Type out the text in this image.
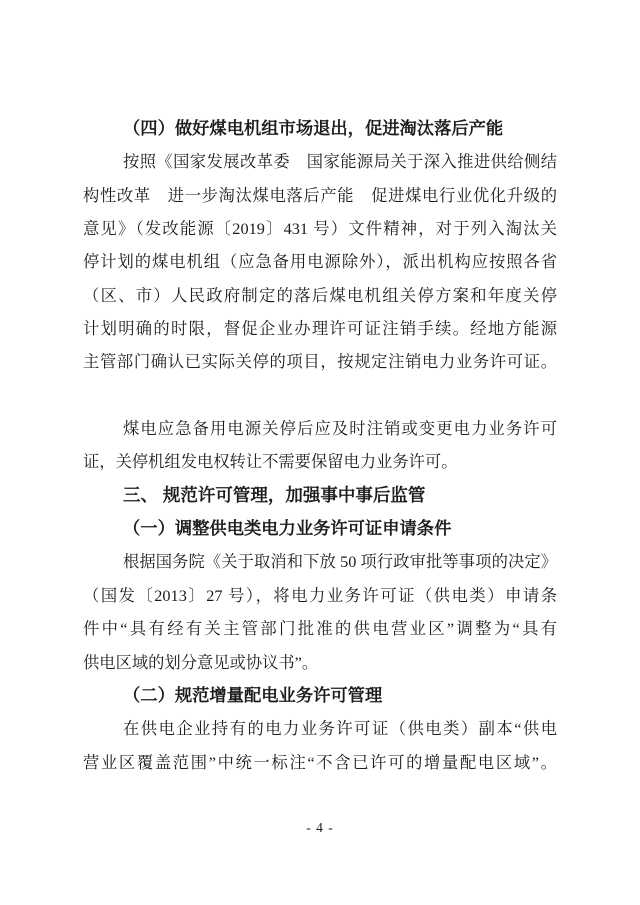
（四）做好煤电机组市场退出，促进淘汰落后产能
按照《国家发展改革委　国家能源局关于深入推进供给侧结
构性改革　进一步淘汰煤电落后产能　促进煤电行业优化升级的
意见》（发改能源〔2019〕431 号）文件精神，对于列入淘汰关
停计划的煤电机组（应急备用电源除外），派出机构应按照各省
（区、市）人民政府制定的落后煤电机组关停方案和年度关停
计划明确的时限，督促企业办理许可证注销手续。经地方能源
主管部门确认已实际关停的项目，按规定注销电力业务许可证。
煤电应急备用电源关停后应及时注销或变更电力业务许可
证，关停机组发电权转让不需要保留电力业务许可。
三、 规范许可管理，加强事中事后监管
（一）调整供电类电力业务许可证申请条件
根据国务院《关于取消和下放 50 项行政审批等事项的决定》
（国发〔2013〕27 号），将电力业务许可证（供电类）申请条
件中“具有经有关主管部门批准的供电营业区”调整为“具有
供电区域的划分意见或协议书”。
（二）规范增量配电业务许可管理
在供电企业持有的电力业务许可证（供电类）副本“供电
营业区覆盖范围”中统一标注“不含已许可的增量配电区域”。
- 4 -
